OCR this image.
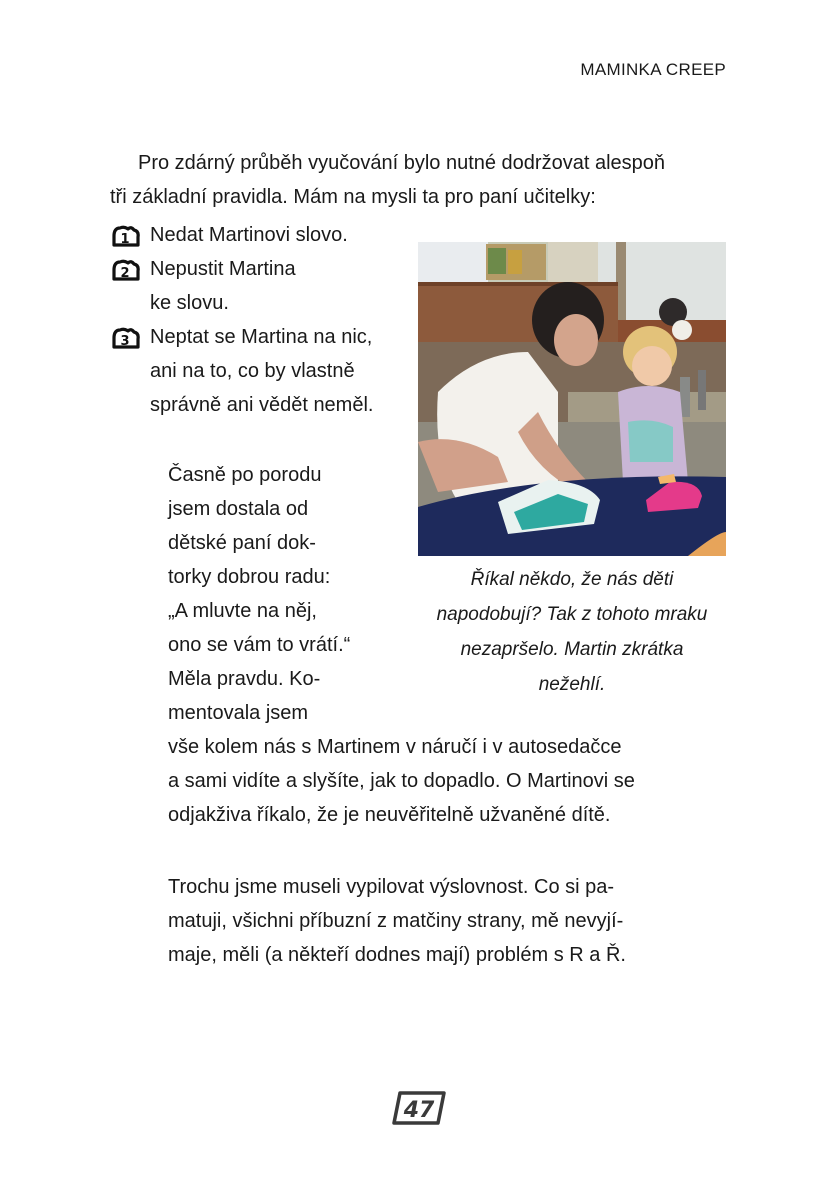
MAMINKA CREEP
Pro zdárný průběh vyučování bylo nutné dodržovat alespoň
tři základní pravidla. Mám na mysli ta pro paní učitelky:
1 Nedat Martinovi slovo.
2 Nepustit Martina
ke slovu.
3 Neptat se Martina na nic,
ani na to, co by vlastně
správně ani vědět neměl.
Říkal někdo, že nás děti
napodobují? Tak z tohoto mraku
nezapršelo. Martin zkrátka
nežehlí.
Časně po porodu
jsem dostala od
dětské paní dok-
torky dobrou radu:
„A mluvte na něj,
ono se vám to vrátí.“
Měla pravdu. Ko-
mentovala jsem
vše kolem nás s Martinem v náručí i v autosedačce
a sami vidíte a slyšíte, jak to dopadlo. O Martinovi se
odjakživa říkalo, že je neuvěřitelně užvaněné dítě.
Trochu jsme museli vypilovat výslovnost. Co si pa-
matuji, všichni příbuzní z matčiny strany, mě nevyjí-
maje, měli (a někteří dodnes mají) problém s R a Ř.
47
